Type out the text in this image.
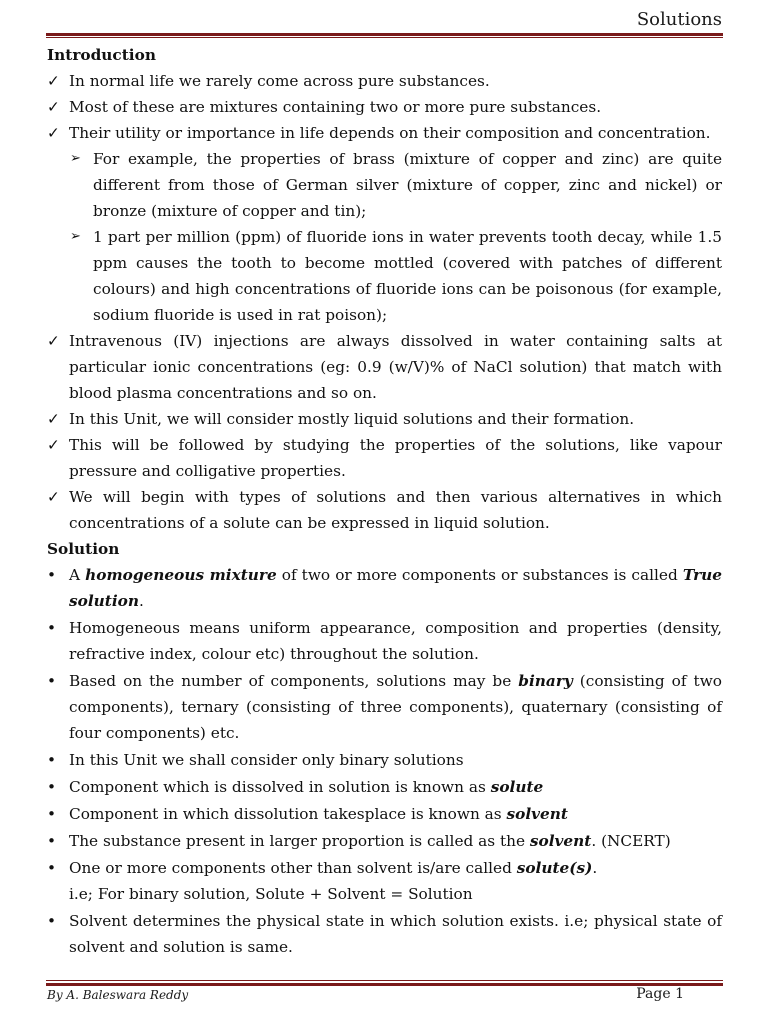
Solutions

Introduction

✓ In normal life we rarely come across pure substances.
✓ Most of these are mixtures containing two or more pure substances.
✓ Their utility or importance in life depends on their composition and concentration.
➢ For example, the properties of brass (mixture of copper and zinc) are quite different from those of German silver (mixture of copper, zinc and nickel) or bronze (mixture of copper and tin);
➢ 1 part per million (ppm) of fluoride ions in water prevents tooth decay, while 1.5 ppm causes the tooth to become mottled (covered with patches of different colours) and high concentrations of fluoride ions can be poisonous (for example, sodium fluoride is used in rat poison);
✓ Intravenous (IV) injections are always dissolved in water containing salts at particular ionic concentrations (eg: 0.9 (w/V)% of NaCl solution) that match with blood plasma concentrations and so on.
✓ In this Unit, we will consider mostly liquid solutions and their formation.
✓ This will be followed by studying the properties of the solutions, like vapour pressure and colligative properties.
✓ We will begin with types of solutions and then various alternatives in which concentrations of a solute can be expressed in liquid solution.

Solution

• A homogeneous mixture of two or more components or substances is called True solution.
• Homogeneous means uniform appearance, composition and properties (density, refractive index, colour etc) throughout the solution.
• Based on the number of components, solutions may be binary (consisting of two components), ternary (consisting of three components), quaternary (consisting of four components) etc.
• In this Unit we shall consider only binary solutions
• Component which is dissolved in solution is known as solute
• Component in which dissolution takesplace is known as solvent
• The substance present in larger proportion is called as the solvent. (NCERT)
• One or more components other than solvent is/are called solute(s).
i.e; For binary solution, Solute + Solvent = Solution
• Solvent determines the physical state in which solution exists. i.e; physical state of solvent and solution is same.
By A. Baleswara Reddy	Page 1
